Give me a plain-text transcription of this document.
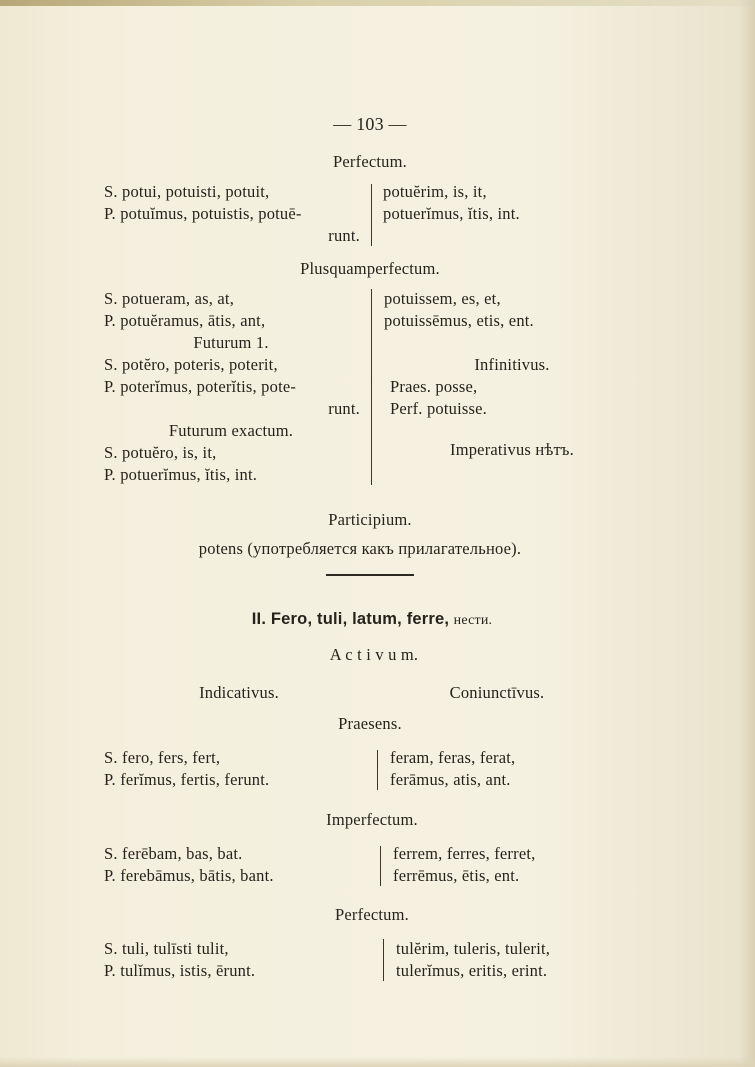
— 103 —
Perfectum.
S. potui, potuisti, potuit,
P. potuĭmus, potuistis, potuē-
runt.
potuĕrim, is, it,
potuerĭmus, ĭtis, int.
Plusquamperfectum.
S. potueram, as, at,
P. potuĕramus, ātis, ant,
Futurum 1.
S. potĕro, poteris, poterit,
P. poterĭmus, poterĭtis, pote-
runt.
Futurum exactum.
S. potuĕro, is, it,
P. potuerĭmus, ĭtis, int.
potuissem, es, et,
potuissēmus, etis, ent.
Infinitivus.
Praes. posse,
Perf. potuisse.
Imperativus нѣтъ.
Participium.
potens (употребляется какъ прилагательное).
II. Fero, tuli, latum, ferre, нести.
A c t i v u m.
Indicativus.	Coniunctīvus.
Praesens.
S. fero, fers, fert,
P. ferĭmus, fertis, ferunt.
feram, feras, ferat,
ferāmus, atis, ant.
Imperfectum.
S. ferēbam, bas, bat.
P. ferebāmus, bātis, bant.
ferrem, ferres, ferret,
ferrēmus, ētis, ent.
Perfectum.
S. tuli, tulīsti tulit,
P. tulĭmus, istis, ērunt.
tulĕrim, tuleris, tulerit,
tulerĭmus, eritis, erint.
